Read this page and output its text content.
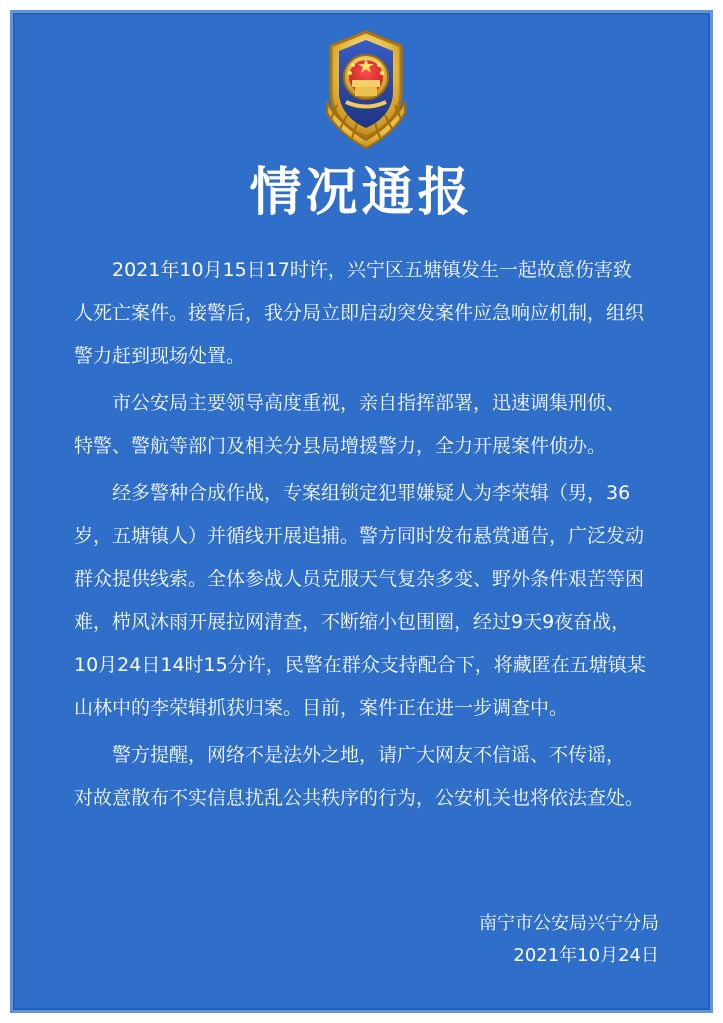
情况通报
2021年10月15日17时许，兴宁区五塘镇发生一起故意伤害致
人死亡案件。接警后，我分局立即启动突发案件应急响应机制，组织
警力赶到现场处置。
市公安局主要领导高度重视，亲自指挥部署，迅速调集刑侦、
特警、警航等部门及相关分县局增援警力，全力开展案件侦办。
经多警种合成作战，专案组锁定犯罪嫌疑人为李荣辑（男，36
岁，五塘镇人）并循线开展追捕。警方同时发布悬赏通告，广泛发动
群众提供线索。全体参战人员克服天气复杂多变、野外条件艰苦等困
难，栉风沐雨开展拉网清查，不断缩小包围圈，经过9天9夜奋战，
10月24日14时15分许，民警在群众支持配合下，将藏匿在五塘镇某
山林中的李荣辑抓获归案。目前，案件正在进一步调查中。
警方提醒，网络不是法外之地，请广大网友不信谣、不传谣，
对故意散布不实信息扰乱公共秩序的行为，公安机关也将依法查处。
南宁市公安局兴宁分局
2021年10月24日
